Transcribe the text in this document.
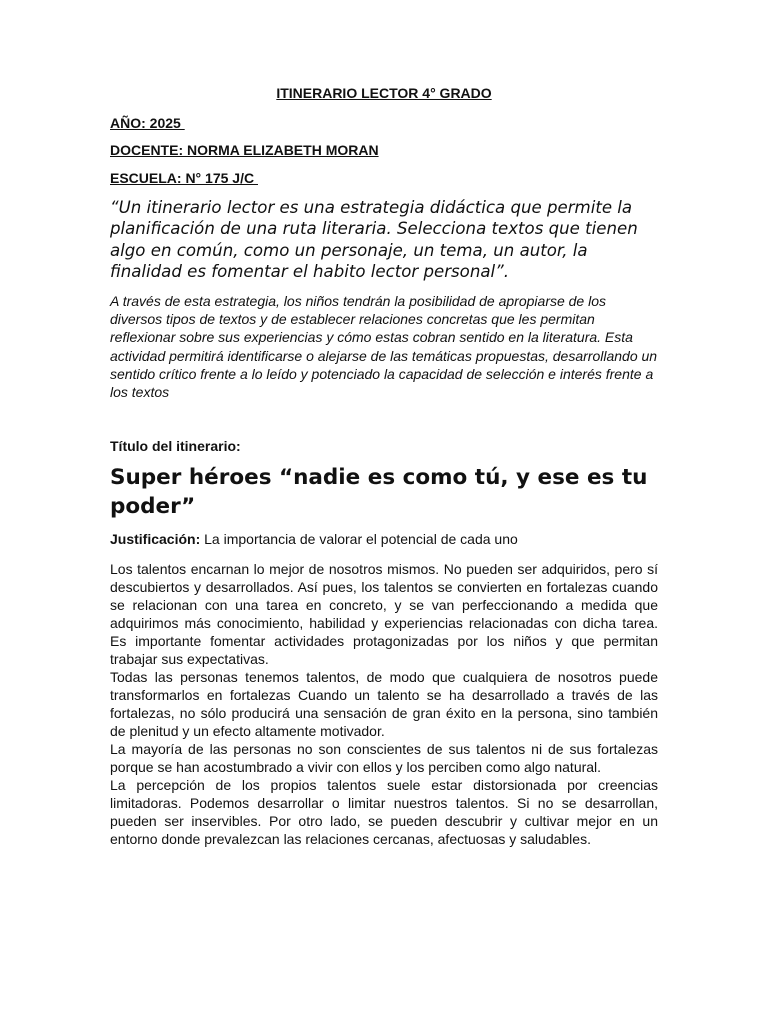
ITINERARIO LECTOR 4° GRADO
AÑO: 2025
DOCENTE: NORMA ELIZABETH MORAN
ESCUELA: N° 175 J/C
“Un itinerario lector es una estrategia didáctica que permite la planificación de una ruta literaria. Selecciona textos que tienen algo en común, como un personaje, un tema, un autor, la finalidad es fomentar el habito lector personal”.
A través de esta estrategia, los niños tendrán la posibilidad de apropiarse de los diversos tipos de textos y de establecer relaciones concretas que les permitan reflexionar sobre sus experiencias y cómo estas cobran sentido en la literatura. Esta actividad permitirá identificarse o alejarse de las temáticas propuestas, desarrollando un sentido crítico frente a lo leído y potenciado la capacidad de selección e interés frente a los textos
Título del itinerario:
Super héroes “nadie es como tú, y ese es tu poder”
Justificación: La importancia de valorar el potencial de cada uno

Los talentos encarnan lo mejor de nosotros mismos. No pueden ser adquiridos, pero sí descubiertos y desarrollados. Así pues, los talentos se convierten en fortalezas cuando se relacionan con una tarea en concreto, y se van perfeccionando a medida que adquirimos más conocimiento, habilidad y experiencias relacionadas con dicha tarea. Es importante fomentar actividades protagonizadas por los niños y que permitan trabajar sus expectativas.

Todas las personas tenemos talentos, de modo que cualquiera de nosotros puede transformarlos en fortalezas Cuando un talento se ha desarrollado a través de las fortalezas, no sólo producirá una sensación de gran éxito en la persona, sino también de plenitud y un efecto altamente motivador.

La mayoría de las personas no son conscientes de sus talentos ni de sus fortalezas porque se han acostumbrado a vivir con ellos y los perciben como algo natural.

La percepción de los propios talentos suele estar distorsionada por creencias limitadoras. Podemos desarrollar o limitar nuestros talentos. Si no se desarrollan, pueden ser inservibles. Por otro lado, se pueden descubrir y cultivar mejor en un entorno donde prevalezcan las relaciones cercanas, afectuosas y saludables.
